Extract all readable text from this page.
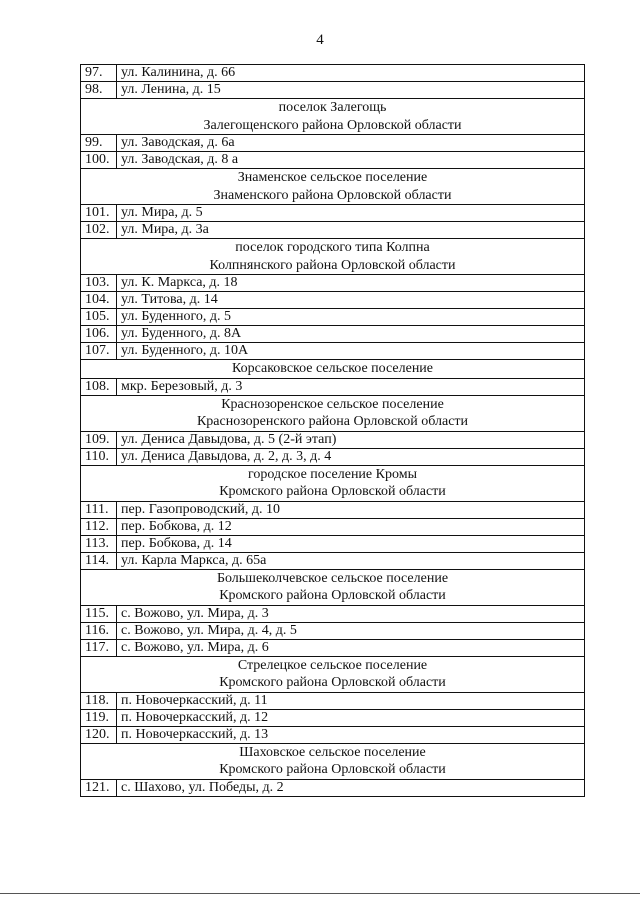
4
97.	ул. Калинина, д. 66
98.	ул. Ленина, д. 15

поселок Залегощь
Залегощенского района Орловской области	

99.	ул. Заводская, д. 6а
100.	ул. Заводская, д. 8 а

Знаменское сельское поселение
Знаменского района Орловской области	

101.	ул. Мира, д. 5
102.	ул. Мира, д. 3а

поселок городского типа Колпна
Колпнянского района Орловской области	

103.	ул. К. Маркса, д. 18
104.	ул. Титова, д. 14
105.	ул. Буденного, д. 5
106.	ул. Буденного, д. 8А
107.	ул. Буденного, д. 10А

Корсаковское сельское поселение	

108.	мкр. Березовый, д. 3

Краснозоренское сельское поселение
Краснозоренского района Орловской области	

109.	ул. Дениса Давыдова, д. 5 (2-й этап)
110.	ул. Дениса Давыдова, д. 2, д. 3, д. 4

городское поселение Кромы
Кромского района Орловской области	

111.	пер. Газопроводский, д. 10
112.	пер. Бобкова, д. 12
113.	пер. Бобкова, д. 14
114.	ул. Карла Маркса, д. 65а

Большеколчевское сельское поселение
Кромского района Орловской области	

115.	с. Вожово, ул. Мира, д. 3
116.	с. Вожово, ул. Мира, д. 4, д. 5
117.	с. Вожово, ул. Мира, д. 6

Стрелецкое сельское поселение
Кромского района Орловской области	

118.	п. Новочеркасский, д. 11
119.	п. Новочеркасский, д. 12
120.	п. Новочеркасский, д. 13

Шаховское сельское поселение
Кромского района Орловской области	

121.	с. Шахово, ул. Победы, д. 2
